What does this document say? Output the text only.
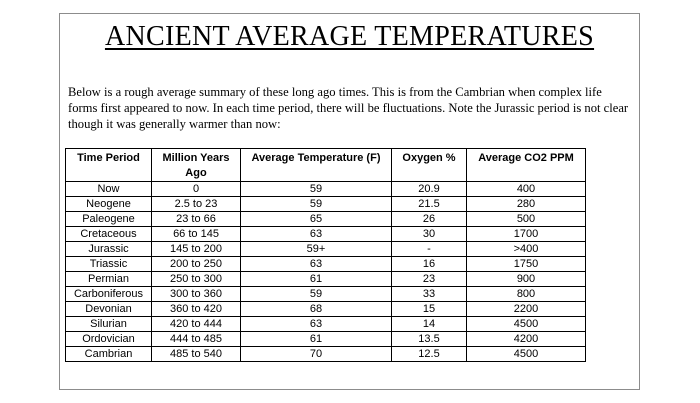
ANCIENT AVERAGE TEMPERATURES

Below is a rough average summary of these long ago times. This is from the Cambrian when complex life forms first appeared to now. In each time period, there will be fluctuations. Note the Jurassic period is not clear though it was generally warmer than now:

Time Period	Million Years Ago	Average Temperature (F)	Oxygen %	Average CO2 PPM
Now	0	59	20.9	400
Neogene	2.5 to 23	59	21.5	280
Paleogene	23 to 66	65	26	500
Cretaceous	66 to 145	63	30	1700
Jurassic	145 to 200	59+	-	>400
Triassic	200 to 250	63	16	1750
Permian	250 to 300	61	23	900
Carboniferous	300 to 360	59	33	800
Devonian	360 to 420	68	15	2200
Silurian	420 to 444	63	14	4500
Ordovician	444 to 485	61	13.5	4200
Cambrian	485 to 540	70	12.5	4500
